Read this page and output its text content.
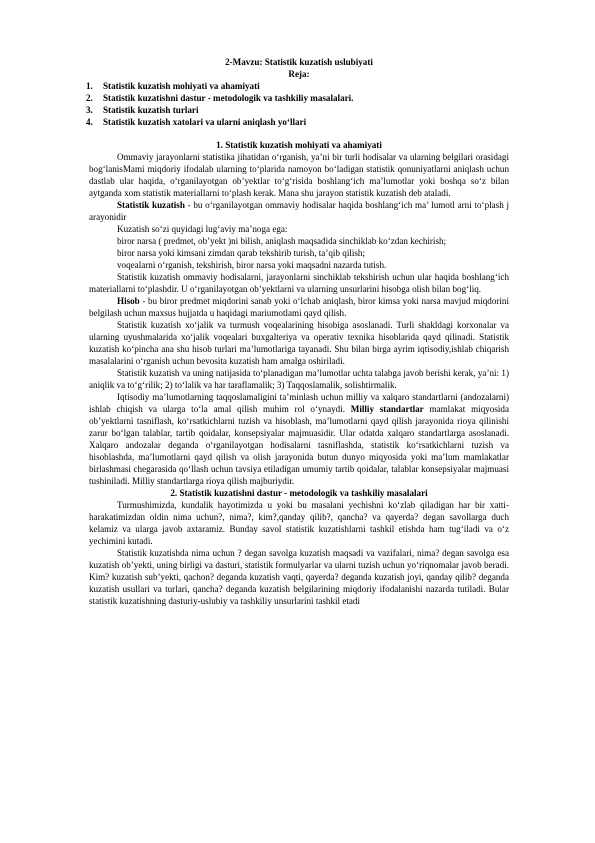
2-Mavzu: Statistik kuzatish uslubiyati
Reja:
1. Statistik kuzatish mohiyati va ahamiyati
2. Statistik kuzatishni dastur - metodologik va tashkiliy masalalari.
3. Statistik kuzatish turlari
4. Statistik kuzatish xatolari va ularni aniqlash yo‘llari
1. Statistik kuzatish mohiyati va ahamiyati

Ommaviy jarayonlarni statistika jihatidan o‘rganish, ya’ni bir turli hodisalar va ularning belgilari orasidagi bog‘lanisMami miqdoriy ifodalab ularning to‘plarida namoyon bo‘ladigan statistik qonuniyatlarni aniqlash uchun dastlab ular haqida, o‘rganilayotgan ob’yektlar to‘g‘risida boshlang‘ich ma’lumotlar yoki boshqa so‘z bilan aytganda xom statistik materiallarni to‘plash kerak. Mana shu jarayon statistik kuzatish deb ataladi.

Statistik kuzatish - bu o‘rganilayotgan ommaviy hodisalar haqida boshlang‘ich ma’ lumotl arni to‘plash j arayonidir

Kuzatish so‘zi quyidagi lug‘aviy ma’noga ega:

biror narsa ( predmet, ob’yekt )ni bilish, aniqlash maqsadida sinchiklab ko‘zdan kechirish;

biror narsa yoki kimsani zimdan qarab tekshirib turish, ta’qib qilish;

voqealarni o‘rganish, tekshirish, biror narsa yoki maqsadni nazarda tutish.

Statistik kuzatish ommaviy hodisalarni, jarayonlarni sinchiklab tekshirish uchun ular haqida boshlang‘ich materiallarni to‘plashdir. U o‘rganilayotgan ob’yektlarni va ularning unsurlarini hisobga olish bilan bog‘liq.

Hisob - bu biror predmet miqdorini sanab yoki o‘lchab aniqlash, biror kimsa yoki narsa mavjud miqdorini belgilash uchun maxsus hujjatda u haqidagi mariumotlami qayd qilish.

Statistik kuzatish xo‘jalik va turmush voqealarining hisobiga asoslanadi. Turli shakldagi korxonalar va ularning uyushmalarida xo‘jalik voqealari buxgalteriya va operativ texnika hisoblarida qayd qilinadi. Statistik kuzatish ko‘pincha ana shu hisob turlari ma’lumotlariga tayanadi. Shu bilan birga ayrim iqtisodiy,ishlab chiqarish masalalarini o‘rganish uchun bevosita kuzatish ham amalga oshiriladi.

Statistik kuzatish va uning natijasida to‘planadigan ma’lumotlar uchta talabga javob berishi kerak, ya’ni: 1) aniqlik va to‘g‘rilik; 2) to‘lalik va har taraflamalik; 3) Taqqoslamalik, solishtirmalik.

Iqtisodiy ma’lumotlarning taqqoslamaligini ta’minlash uchun milliy va xalqaro standartlarni (andozalarni) ishlab chiqish va ularga to‘la amal qilish muhim rol o‘ynaydi. Milliy standartlar mamlakat miqyosida ob’yektlarni tasniflash, ko‘rsatkichlarni tuzish va hisoblash, ma’lumotlarni qayd qilish jarayonida rioya qilinishi zarur bo‘lgan talablar, tartib qoidalar, konsepsiyalar majmuasidir. Ular odatda xalqaro standartlarga asoslanadi. Xalqaro andozalar deganda o‘rganilayotgan hodisalarni tasniflashda, statistik ko‘rsatkichlarni tuzish va hisoblashda, ma’lumotlarni qayd qilish va olish jarayonida butun dunyo miqyosida yoki ma’lum mamlakatlar birlashmasi chegarasida qo‘llash uchun tavsiya etiladigan umumiy tartib qoidalar, talablar konsepsiyalar majmuasi tushiniladi. Milliy standartlarga rioya qilish majburiydir.

2. Statistik kuzatishni dastur - metodologik va tashkiliy masalalari

Turmushimizda, kundalik hayotimizda u yoki bu masalani yechishni ko‘zlab qiladigan har bir xatti-harakatimizdan oldin nima uchun?, nima?, kim?,qanday qilib?, qancha? va qayerda? degan savollarga duch kelamiz va ularga javob axtaramiz. Bunday savol statistik kuzatishlarni tashkil etishda ham tug‘iladi va o‘z yechimini kutadi.

Statistik kuzatishda nima uchun ? degan savolga kuzatish maqsadi va vazifalari, nima? degan savolga esa kuzatish ob’yekti, uning birligi va dasturi, statistik formulyarlar va ularni tuzish uchun yo‘riqnomalar javob beradi. Kim? kuzatish sub’yekti, qachon? deganda kuzatish vaqti, qayerda? deganda kuzatish joyi, qanday qilib? deganda kuzatish usullari va turlari, qancha? deganda kuzatish belgilarining miqdoriy ifodalanishi nazarda tutiladi. Bular statistik kuzatishning dasturiy-uslubiy va tashkiliy unsurlarini tashkil etadi
